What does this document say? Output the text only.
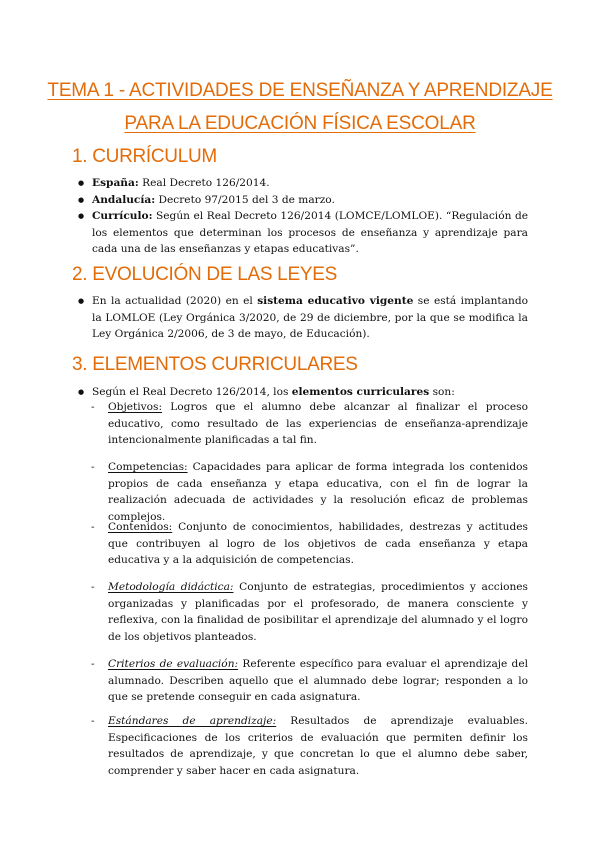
TEMA 1 - ACTIVIDADES DE ENSEÑANZA Y APRENDIZAJE
PARA LA EDUCACIÓN FÍSICA ESCOLAR
1. CURRÍCULUM
● España: Real Decreto 126/2014.
● Andalucía: Decreto 97/2015 del 3 de marzo.
● Currículo: Según el Real Decreto 126/2014 (LOMCE/LOMLOE). “Regulación de los elementos que determinan los procesos de enseñanza y aprendizaje para cada una de las enseñanzas y etapas educativas”.
2. EVOLUCIÓN DE LAS LEYES
● En la actualidad (2020) en el sistema educativo vigente se está implantando la LOMLOE (Ley Orgánica 3/2020, de 29 de diciembre, por la que se modifica la Ley Orgánica 2/2006, de 3 de mayo, de Educación).
3. ELEMENTOS CURRICULARES
● Según el Real Decreto 126/2014, los elementos curriculares son:
- Objetivos: Logros que el alumno debe alcanzar al finalizar el proceso educativo, como resultado de las experiencias de enseñanza-aprendizaje intencionalmente planificadas a tal fin.
- Competencias: Capacidades para aplicar de forma integrada los contenidos propios de cada enseñanza y etapa educativa, con el fin de lograr la realización adecuada de actividades y la resolución eficaz de problemas complejos.
- Contenidos: Conjunto de conocimientos, habilidades, destrezas y actitudes que contribuyen al logro de los objetivos de cada enseñanza y etapa educativa y a la adquisición de competencias.
- Metodología didáctica: Conjunto de estrategias, procedimientos y acciones organizadas y planificadas por el profesorado, de manera consciente y reflexiva, con la finalidad de posibilitar el aprendizaje del alumnado y el logro de los objetivos planteados.
- Criterios de evaluación: Referente específico para evaluar el aprendizaje del alumnado. Describen aquello que el alumnado debe lograr; responden a lo que se pretende conseguir en cada asignatura.
- Estándares de aprendizaje: Resultados de aprendizaje evaluables. Especificaciones de los criterios de evaluación que permiten definir los resultados de aprendizaje, y que concretan lo que el alumno debe saber, comprender y saber hacer en cada asignatura.
